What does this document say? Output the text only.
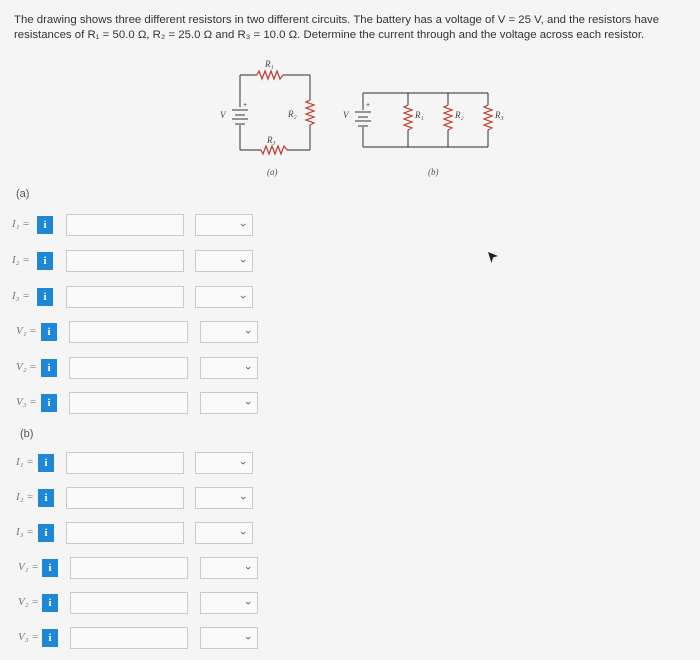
The drawing shows three different resistors in two different circuits. The battery has a voltage of V = 25 V, and the resistors have resistances of R₁ = 50.0 Ω, R₂ = 25.0 Ω and R₃ = 10.0 Ω. Determine the current through and the voltage across each resistor.
V
+
R₁
R₂
R₃
V
+
R₁	R₂	R₃
(a)	(b)
(a)
I₁ =	i	›
I₂ =	i	›
I₃ =	i	›
V₁ = i	›
V₂ = i	›
V₃ = i	›
(b)
I₁ = i	›
I₂ = i	›
I₃ = i	›
V₁ = i	›
V₂ = i	›
V₃ = i	›
